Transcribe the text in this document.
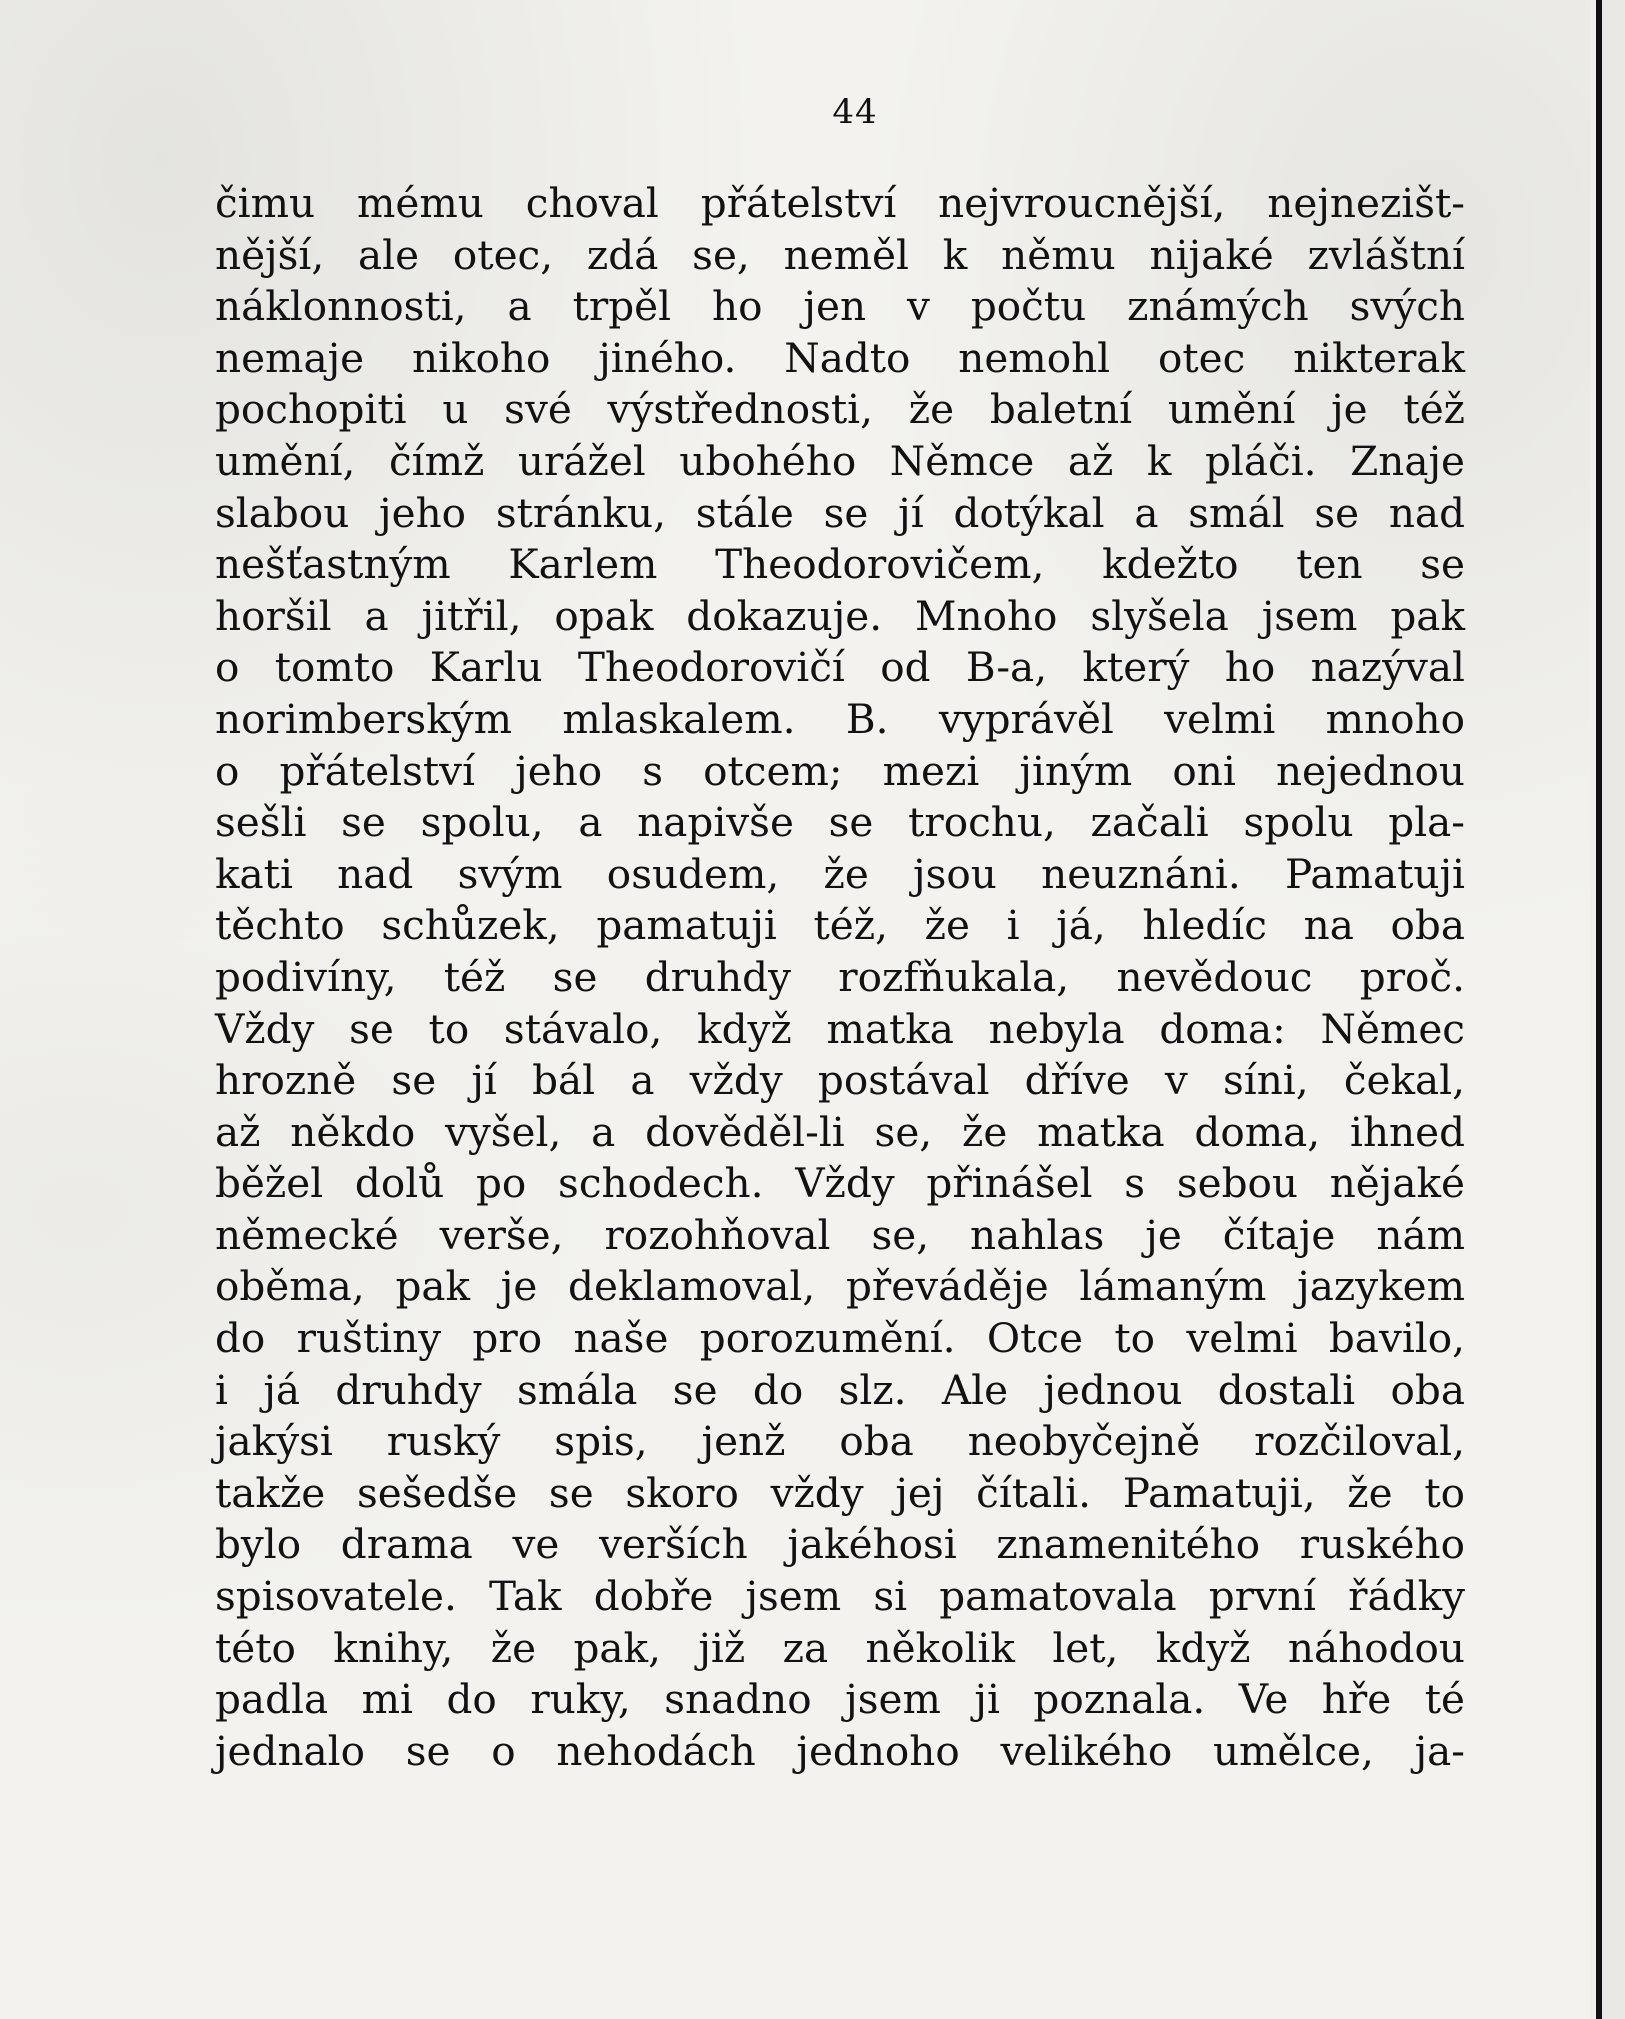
44
čimu mému choval přátelství nejvroucnější, nejnezišt-
nější, ale otec, zdá se, neměl k němu nijaké zvláštní
náklonnosti, a trpěl ho jen v počtu známých svých
nemaje nikoho jiného. Nadto nemohl otec nikterak
pochopiti u své výstřednosti, že baletní umění je též
umění, čímž urážel ubohého Němce až k pláči. Znaje
slabou jeho stránku, stále se jí dotýkal a smál se nad
nešťastným Karlem Theodorovičem, kdežto ten se
horšil a jitřil, opak dokazuje. Mnoho slyšela jsem pak
o tomto Karlu Theodorovičí od B-a, který ho nazýval
norimberským mlaskalem. B. vyprávěl velmi mnoho
o přátelství jeho s otcem; mezi jiným oni nejednou
sešli se spolu, a napivše se trochu, začali spolu pla-
kati nad svým osudem, že jsou neuznáni. Pamatuji
těchto schůzek, pamatuji též, že i já, hledíc na oba
podivíny, též se druhdy rozfňukala, nevědouc proč.
Vždy se to stávalo, když matka nebyla doma: Němec
hrozně se jí bál a vždy postával dříve v síni, čekal,
až někdo vyšel, a dověděl-li se, že matka doma, ihned
běžel dolů po schodech. Vždy přinášel s sebou nějaké
německé verše, rozohňoval se, nahlas je čítaje nám
oběma, pak je deklamoval, převáděje lámaným jazykem
do ruštiny pro naše porozumění. Otce to velmi bavilo,
i já druhdy smála se do slz. Ale jednou dostali oba
jakýsi ruský spis, jenž oba neobyčejně rozčiloval,
takže sešedše se skoro vždy jej čítali. Pamatuji, že to
bylo drama ve verších jakéhosi znamenitého ruského
spisovatele. Tak dobře jsem si pamatovala první řádky
této knihy, že pak, již za několik let, když náhodou
padla mi do ruky, snadno jsem ji poznala. Ve hře té
jednalo se o nehodách jednoho velikého umělce, ja-
